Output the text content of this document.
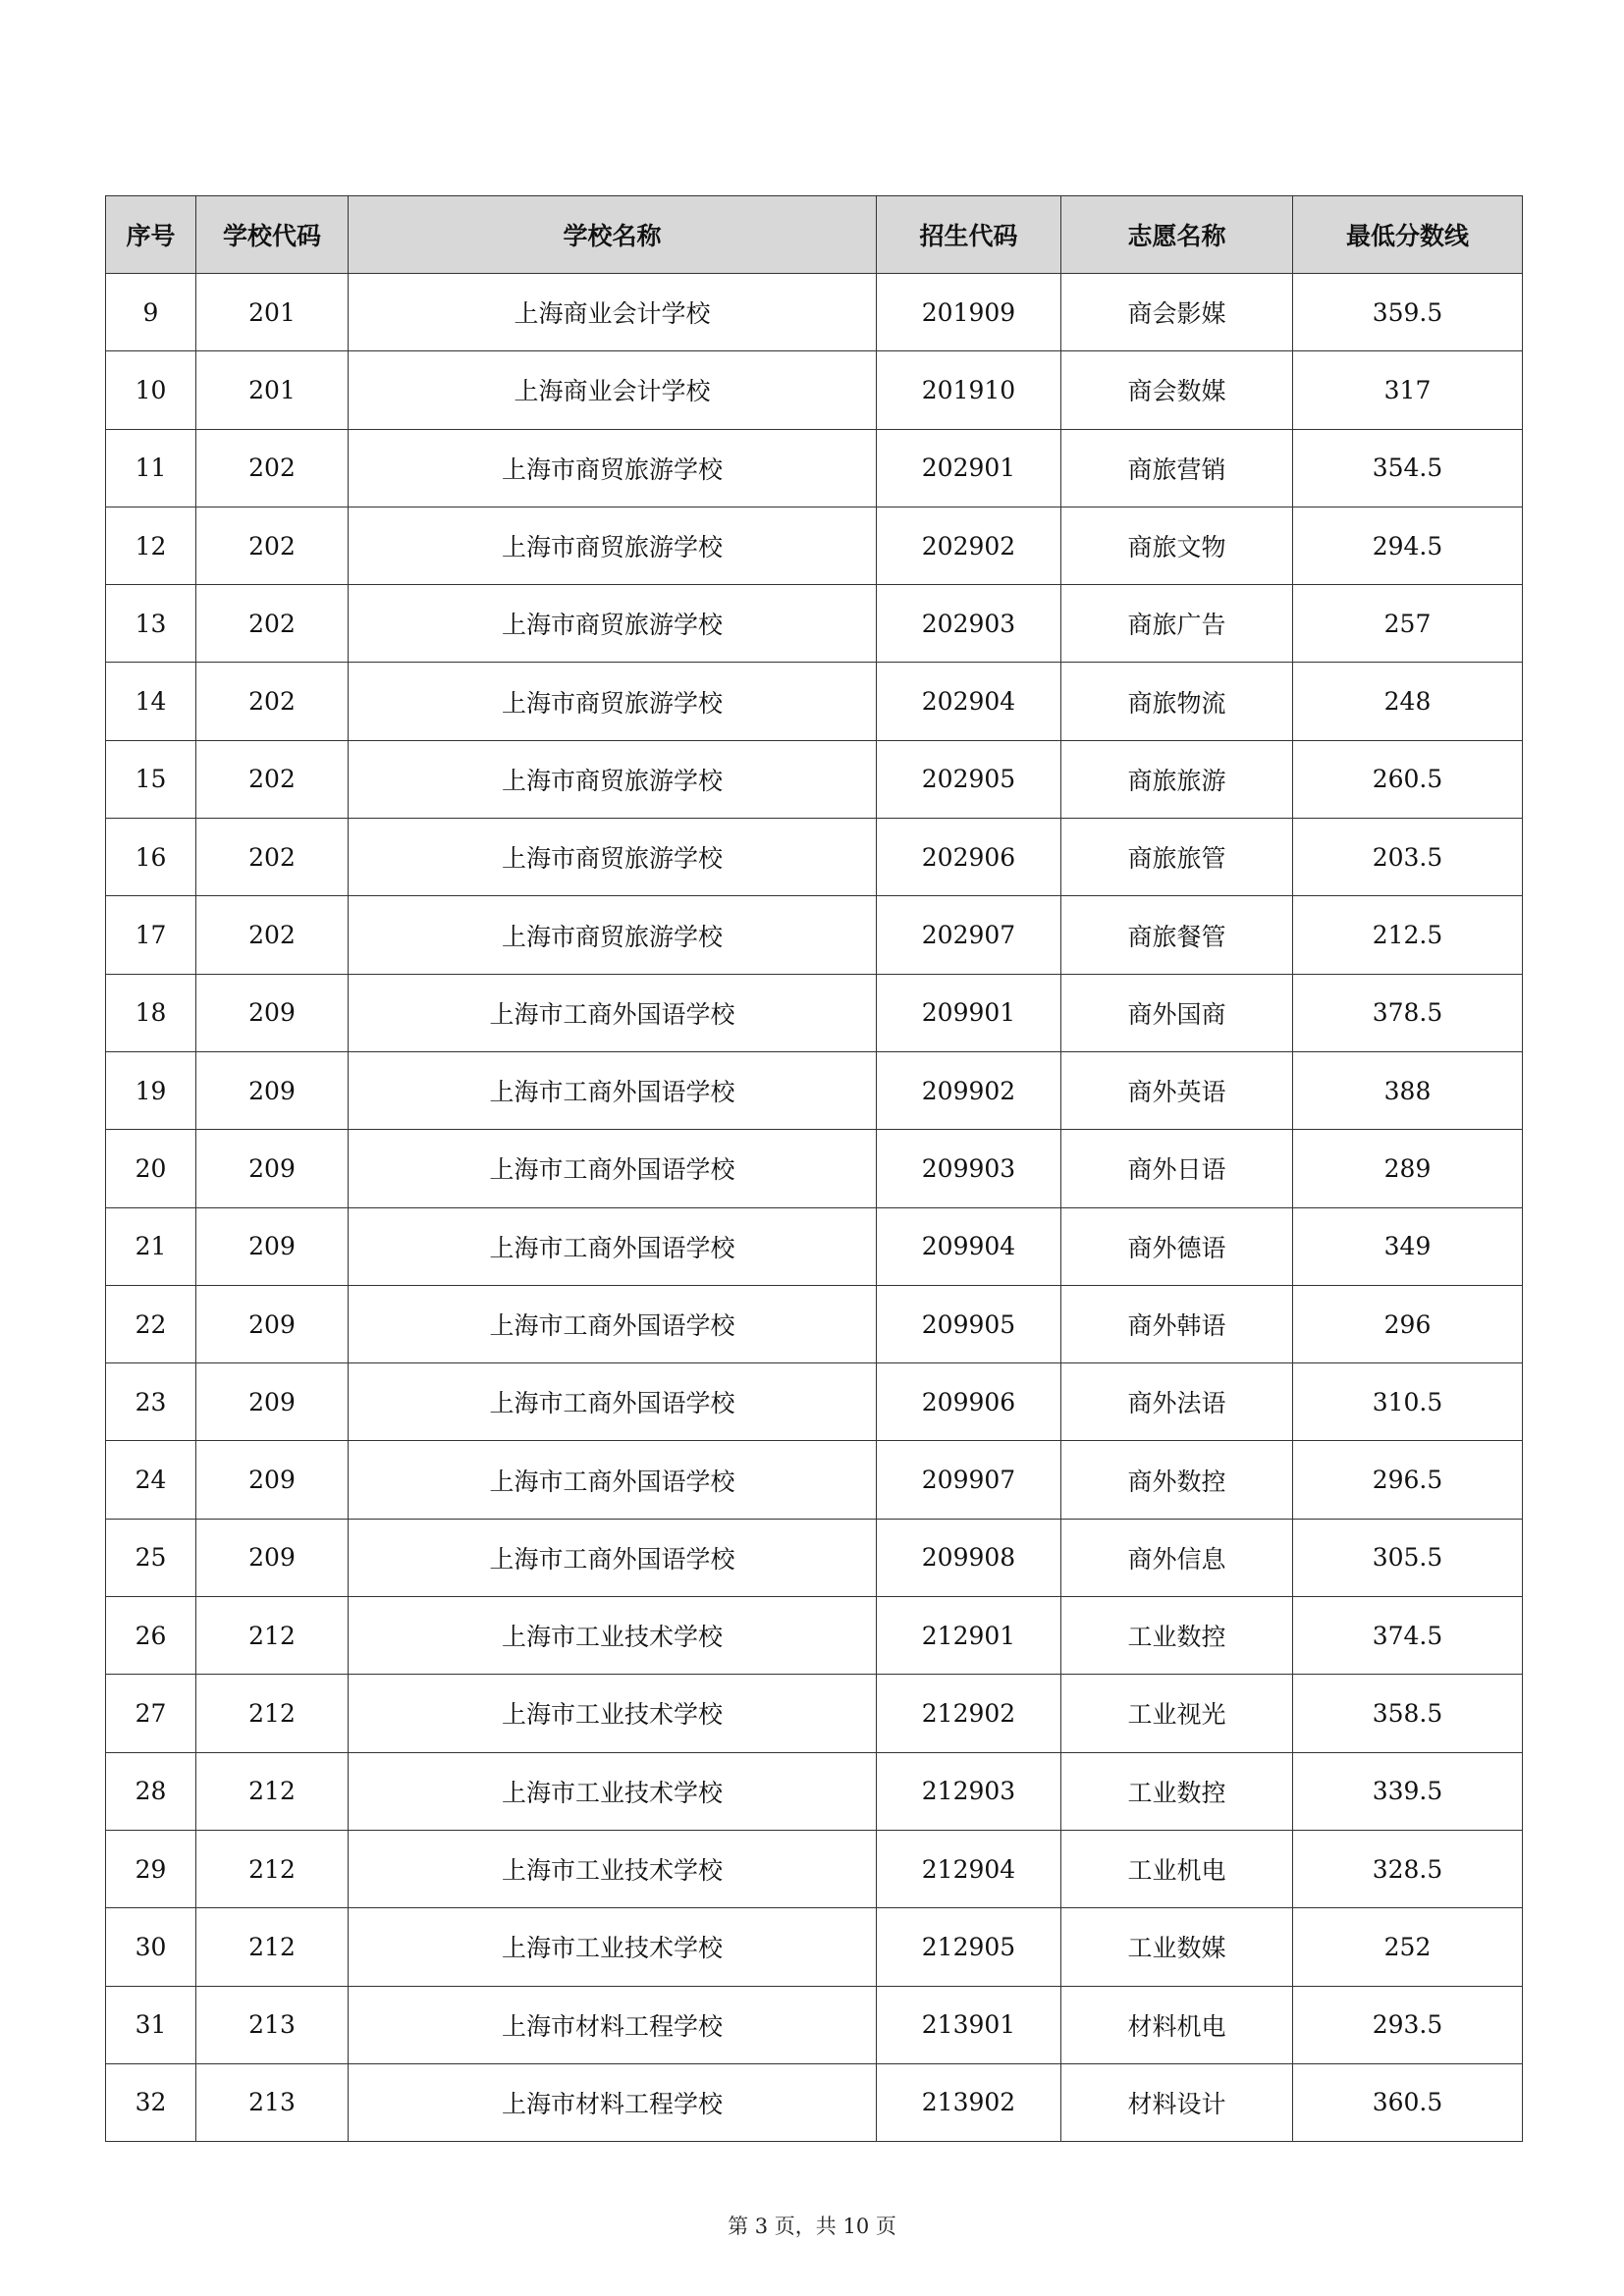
序号	学校代码	学校名称	招生代码	志愿名称	最低分数线
9	201	上海商业会计学校	201909	商会影媒	359.5
10	201	上海商业会计学校	201910	商会数媒	317
11	202	上海市商贸旅游学校	202901	商旅营销	354.5
12	202	上海市商贸旅游学校	202902	商旅文物	294.5
13	202	上海市商贸旅游学校	202903	商旅广告	257
14	202	上海市商贸旅游学校	202904	商旅物流	248
15	202	上海市商贸旅游学校	202905	商旅旅游	260.5
16	202	上海市商贸旅游学校	202906	商旅旅管	203.5
17	202	上海市商贸旅游学校	202907	商旅餐管	212.5
18	209	上海市工商外国语学校	209901	商外国商	378.5
19	209	上海市工商外国语学校	209902	商外英语	388
20	209	上海市工商外国语学校	209903	商外日语	289
21	209	上海市工商外国语学校	209904	商外德语	349
22	209	上海市工商外国语学校	209905	商外韩语	296
23	209	上海市工商外国语学校	209906	商外法语	310.5
24	209	上海市工商外国语学校	209907	商外数控	296.5
25	209	上海市工商外国语学校	209908	商外信息	305.5
26	212	上海市工业技术学校	212901	工业数控	374.5
27	212	上海市工业技术学校	212902	工业视光	358.5
28	212	上海市工业技术学校	212903	工业数控	339.5
29	212	上海市工业技术学校	212904	工业机电	328.5
30	212	上海市工业技术学校	212905	工业数媒	252
31	213	上海市材料工程学校	213901	材料机电	293.5
32	213	上海市材料工程学校	213902	材料设计	360.5
第 3 页，共 10 页
